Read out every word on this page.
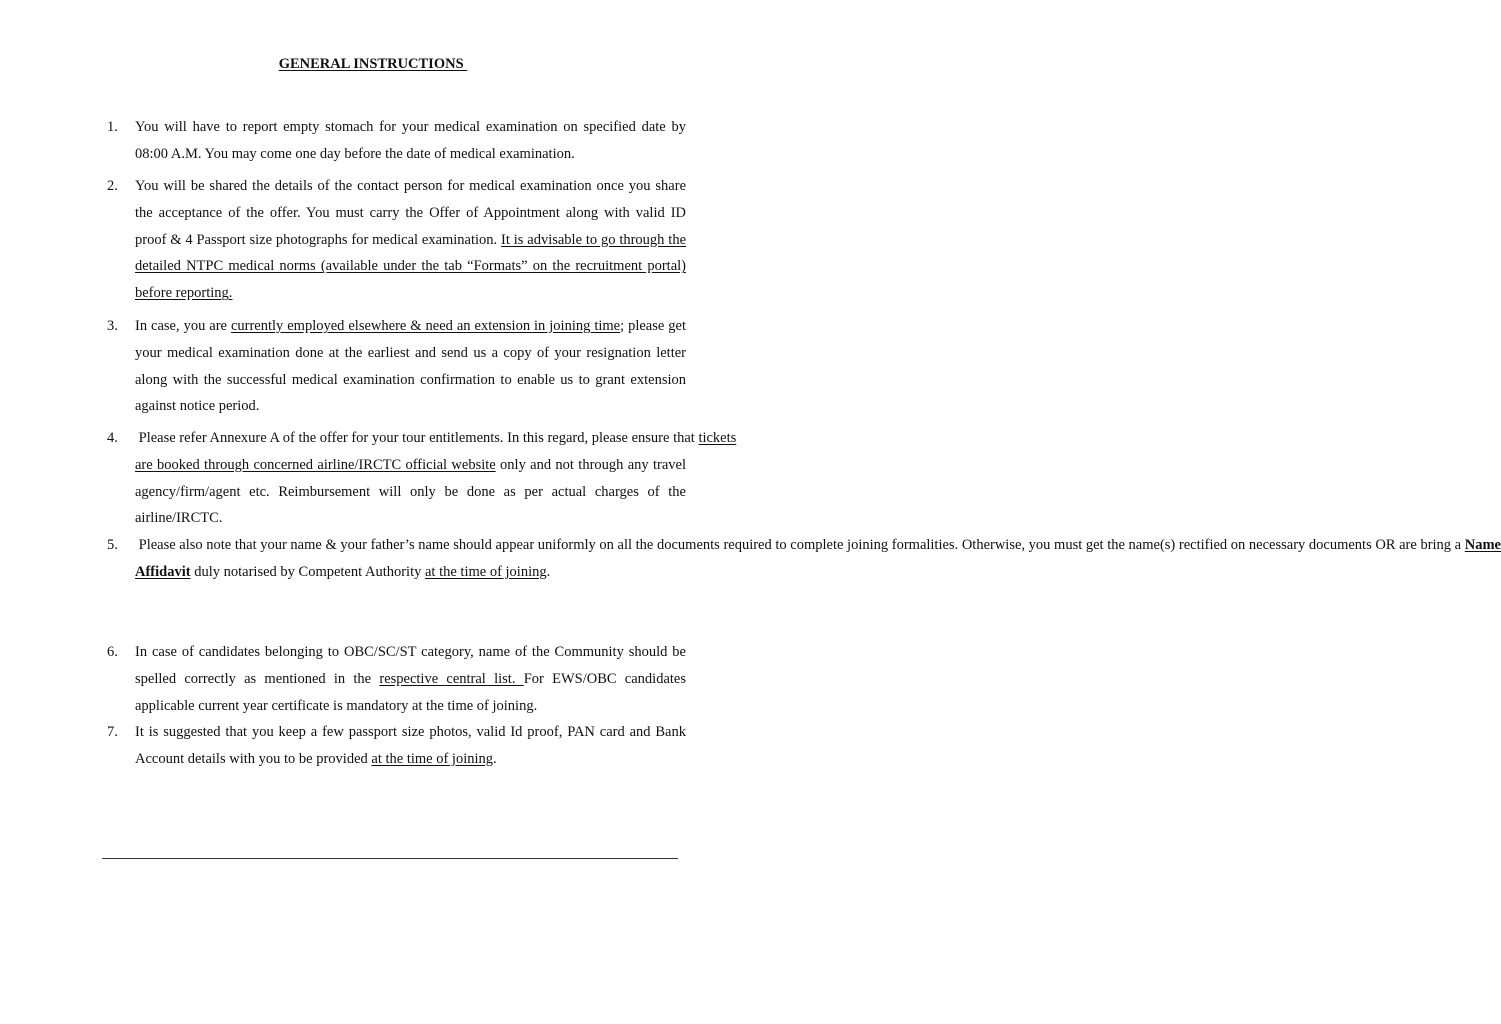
GENERAL INSTRUCTIONS
1. You will have to report empty stomach for your medical examination on specified date by 08:00 A.M. You may come one day before the date of medical examination.
2. You will be shared the details of the contact person for medical examination once you share the acceptance of the offer. You must carry the Offer of Appointment along with valid ID proof & 4 Passport size photographs for medical examination. It is advisable to go through the detailed NTPC medical norms (available under the tab “Formats” on the recruitment portal) before reporting.
3. In case, you are currently employed elsewhere & need an extension in joining time; please get your medical examination done at the earliest and send us a copy of your resignation letter along with the successful medical examination confirmation to enable us to grant extension against notice period.
4. Please refer Annexure A of the offer for your tour entitlements. In this regard, please ensure that tickets are booked through concerned airline/IRCTC official website only and not through any travel agency/firm/agent etc. Reimbursement will only be done as per actual charges of the airline/IRCTC.
5. Please also note that your name & your father’s name should appear uniformly on all the documents required to complete joining formalities. Otherwise, you must get the name(s) rectified on necessary documents OR are bring a Name Affidavit duly notarised by Competent Authority at the time of joining.
6. In case of candidates belonging to OBC/SC/ST category, name of the Community should be spelled correctly as mentioned in the respective central list. For EWS/OBC candidates applicable current year certificate is mandatory at the time of joining.
7. It is suggested that you keep a few passport size photos, valid Id proof, PAN card and Bank Account details with you to be provided at the time of joining.
